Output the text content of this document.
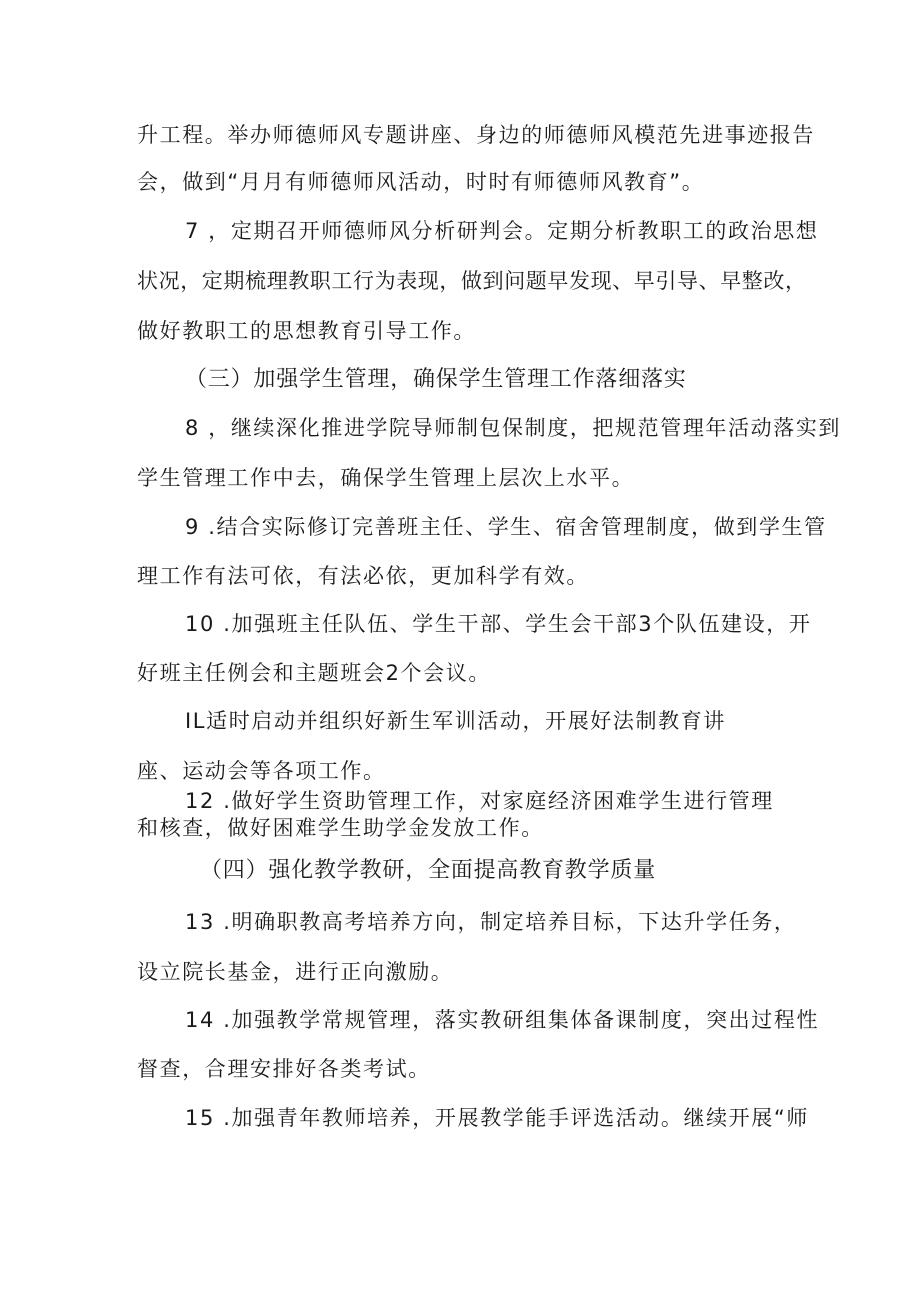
升工程。举办师德师风专题讲座、身边的师德师风模范先进事迹报告
会，做到“月月有师德师风活动，时时有师德师风教育”。
7 ，定期召开师德师风分析研判会。定期分析教职工的政治思想
状况，定期梳理教职工行为表现，做到问题早发现、早引导、早整改，
做好教职工的思想教育引导工作。
（三）加强学生管理，确保学生管理工作落细落实
8 ，继续深化推进学院导师制包保制度，把规范管理年活动落实到
学生管理工作中去，确保学生管理上层次上水平。
9 .结合实际修订完善班主任、学生、宿舍管理制度，做到学生管
理工作有法可依，有法必依，更加科学有效。
10 .加强班主任队伍、学生干部、学生会干部3个队伍建设，开
好班主任例会和主题班会2个会议。
IL适时启动并组织好新生军训活动，开展好法制教育讲
座、运动会等各项工作。
12 .做好学生资助管理工作，对家庭经济困难学生进行管理
和核查，做好困难学生助学金发放工作。
（四）强化教学教研，全面提高教育教学质量
13 .明确职教高考培养方向，制定培养目标，下达升学任务，
设立院长基金，进行正向激励。
14 .加强教学常规管理，落实教研组集体备课制度，突出过程性
督查，合理安排好各类考试。
15 .加强青年教师培养，开展教学能手评选活动。继续开展“师
